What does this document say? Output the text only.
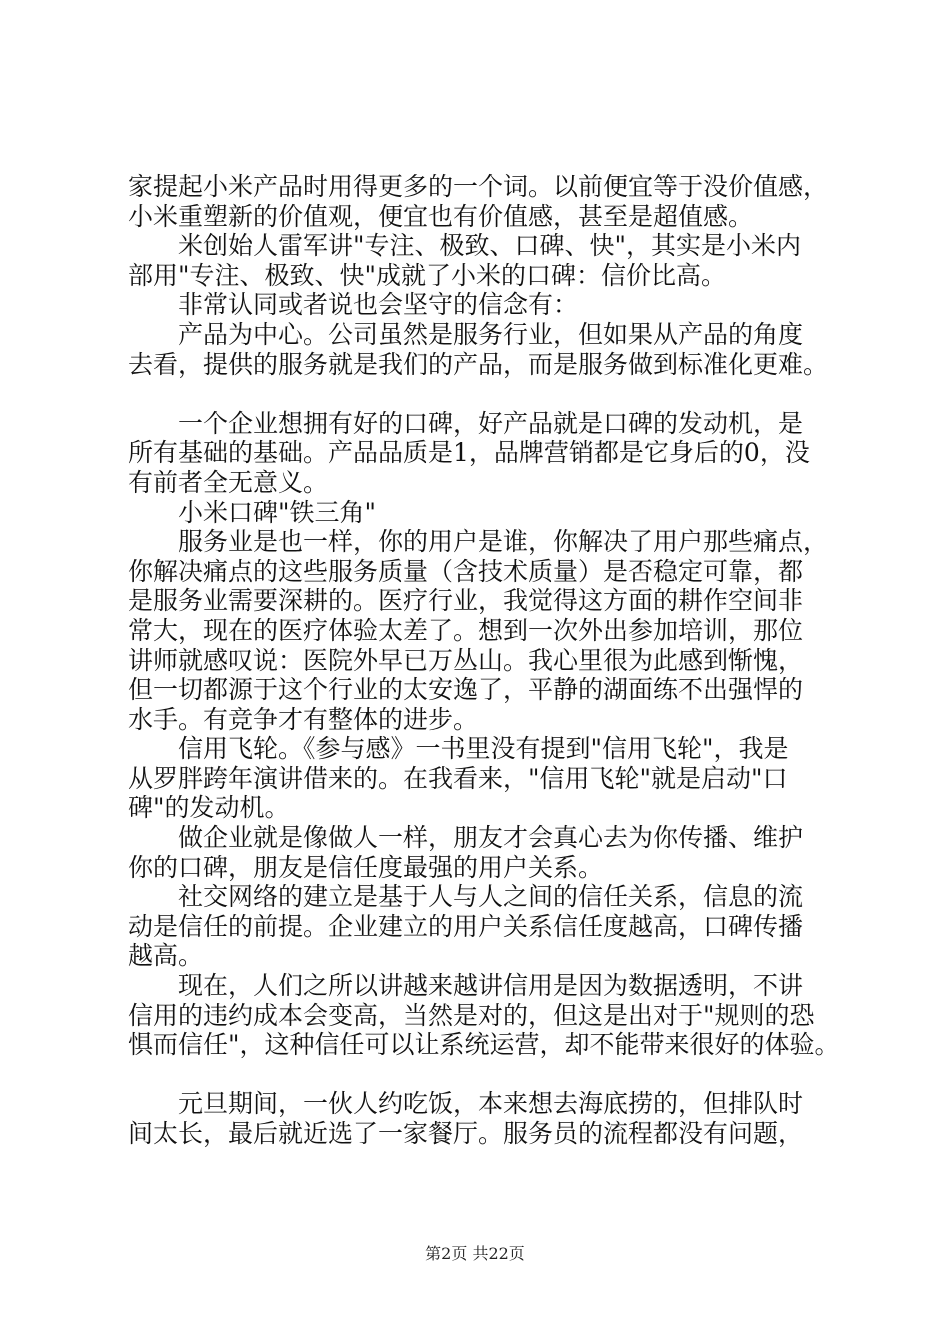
家提起小米产品时用得更多的一个词。以前便宜等于没价值感，
小米重塑新的价值观，便宜也有价值感，甚至是超值感。
米创始人雷军讲"专注、极致、口碑、快"，其实是小米内
部用"专注、极致、快"成就了小米的口碑：信价比高。
非常认同或者说也会坚守的信念有：
产品为中心。公司虽然是服务行业，但如果从产品的角度
去看，提供的服务就是我们的产品，而是服务做到标准化更难。
一个企业想拥有好的口碑，好产品就是口碑的发动机，是
所有基础的基础。产品品质是1，品牌营销都是它身后的0，没
有前者全无意义。
小米口碑"铁三角"
服务业是也一样，你的用户是谁，你解决了用户那些痛点，
你解决痛点的这些服务质量（含技术质量）是否稳定可靠，都
是服务业需要深耕的。医疗行业，我觉得这方面的耕作空间非
常大，现在的医疗体验太差了。想到一次外出参加培训，那位
讲师就感叹说：医院外早已万丛山。我心里很为此感到惭愧，
但一切都源于这个行业的太安逸了，平静的湖面练不出强悍的
水手。有竞争才有整体的进步。
信用飞轮。《参与感》一书里没有提到"信用飞轮"，我是
从罗胖跨年演讲借来的。在我看来，"信用飞轮"就是启动"口
碑"的发动机。
做企业就是像做人一样，朋友才会真心去为你传播、维护
你的口碑，朋友是信任度最强的用户关系。
社交网络的建立是基于人与人之间的信任关系，信息的流
动是信任的前提。企业建立的用户关系信任度越高，口碑传播
越高。
现在，人们之所以讲越来越讲信用是因为数据透明，不讲
信用的违约成本会变高，当然是对的，但这是出对于"规则的恐
惧而信任"，这种信任可以让系统运营，却不能带来很好的体验。
元旦期间，一伙人约吃饭，本来想去海底捞的，但排队时
间太长，最后就近选了一家餐厅。服务员的流程都没有问题，
第2页 共22页
